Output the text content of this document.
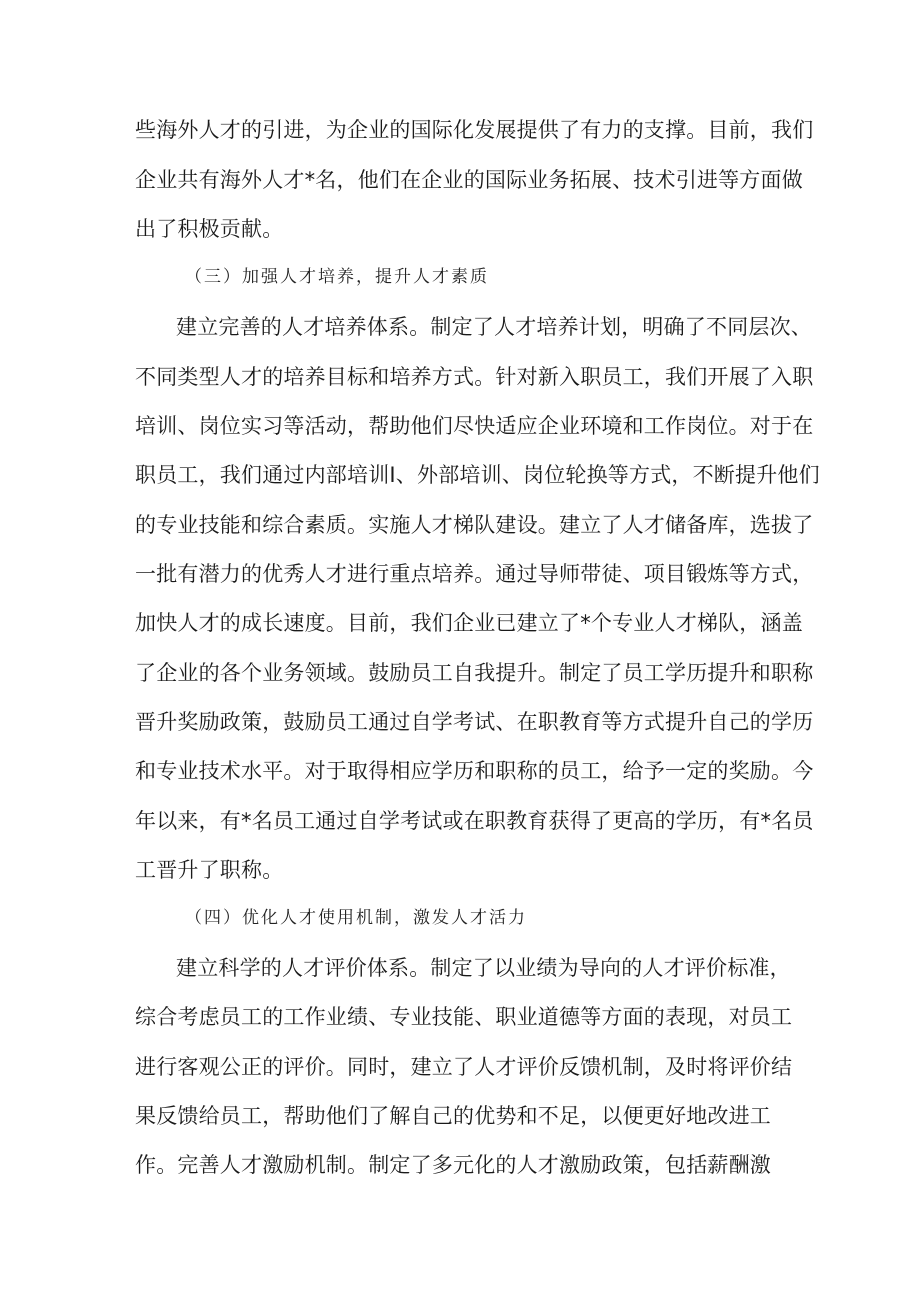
些海外人才的引进，为企业的国际化发展提供了有力的支撑。目前，我们
企业共有海外人才*名，他们在企业的国际业务拓展、技术引进等方面做
出了积极贡献。
（三）加强人才培养，提升人才素质
建立完善的人才培养体系。制定了人才培养计划，明确了不同层次、
不同类型人才的培养目标和培养方式。针对新入职员工，我们开展了入职
培训、岗位实习等活动，帮助他们尽快适应企业环境和工作岗位。对于在
职员工，我们通过内部培训Ⅰ、外部培训、岗位轮换等方式，不断提升他们
的专业技能和综合素质。实施人才梯队建设。建立了人才储备库，选拔了
一批有潜力的优秀人才进行重点培养。通过导师带徒、项目锻炼等方式，
加快人才的成长速度。目前，我们企业已建立了*个专业人才梯队，涵盖
了企业的各个业务领域。鼓励员工自我提升。制定了员工学历提升和职称
晋升奖励政策，鼓励员工通过自学考试、在职教育等方式提升自己的学历
和专业技术水平。对于取得相应学历和职称的员工，给予一定的奖励。今
年以来，有*名员工通过自学考试或在职教育获得了更高的学历，有*名员
工晋升了职称。
（四）优化人才使用机制，激发人才活力
建立科学的人才评价体系。制定了以业绩为导向的人才评价标准，
综合考虑员工的工作业绩、专业技能、职业道德等方面的表现，对员工
进行客观公正的评价。同时，建立了人才评价反馈机制，及时将评价结
果反馈给员工，帮助他们了解自己的优势和不足，以便更好地改进工
作。完善人才激励机制。制定了多元化的人才激励政策，包括薪酬激
